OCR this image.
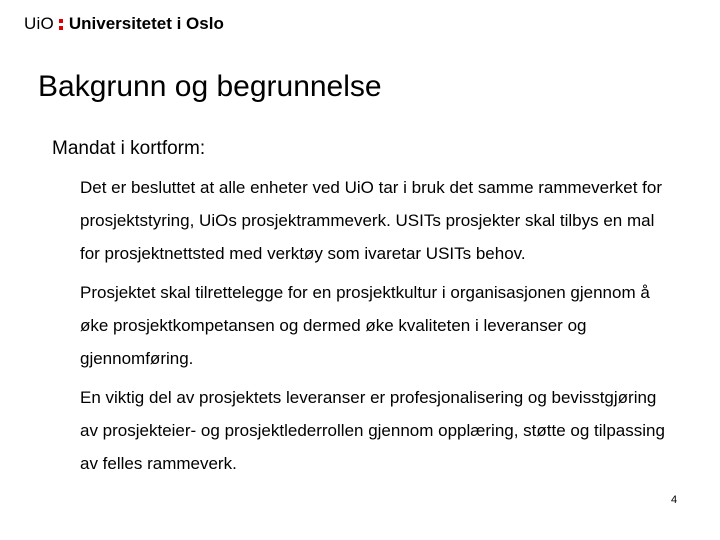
UiO Universitetet i Oslo
Bakgrunn og begrunnelse

Mandat i kortform:

Det er besluttet at alle enheter ved UiO tar i bruk det samme rammeverket for prosjektstyring, UiOs prosjektrammeverk. USITs prosjekter skal tilbys en mal for prosjektnettsted med verktøy som ivaretar USITs behov.

Prosjektet skal tilrettelegge for en prosjektkultur i organisasjonen gjennom å øke prosjektkompetansen og dermed øke kvaliteten i leveranser og gjennomføring.

En viktig del av prosjektets leveranser er profesjonalisering og bevisstgjøring av prosjekteier- og prosjektlederrollen gjennom opplæring, støtte og tilpassing av felles rammeverk.

4
